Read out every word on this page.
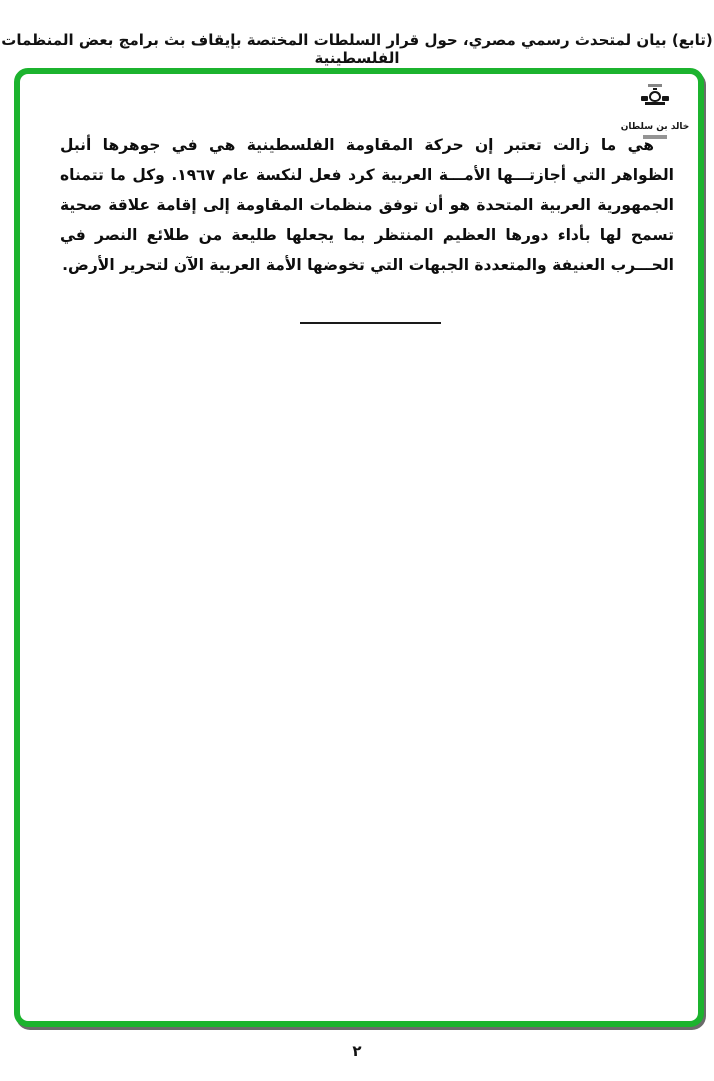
(تابع) بيان لمتحدث رسمي مصري، حول قرار السلطات المختصة بإيقاف بث برامج بعض المنظمات الفلسطينية
خالد بن سلطان
هي ما زالت تعتبر إن حركة المقاومة الفلسطينية هي في جوهرها أنبل الظواهر التي أجازتـــها الأمـــة العربية كرد فعل لنكسة عام ١٩٦٧. وكل ما تتمناه الجمهورية العربية المتحدة هو أن توفق منظمات المقاومة إلى إقامة علاقة صحية تسمح لها بأداء دورها العظيم المنتظر بما يجعلها طليعة من طلائع النصر في الحـــرب العنيفة والمتعددة الجبهات التي تخوضها الأمة العربية الآن لتحرير الأرض.
٢
